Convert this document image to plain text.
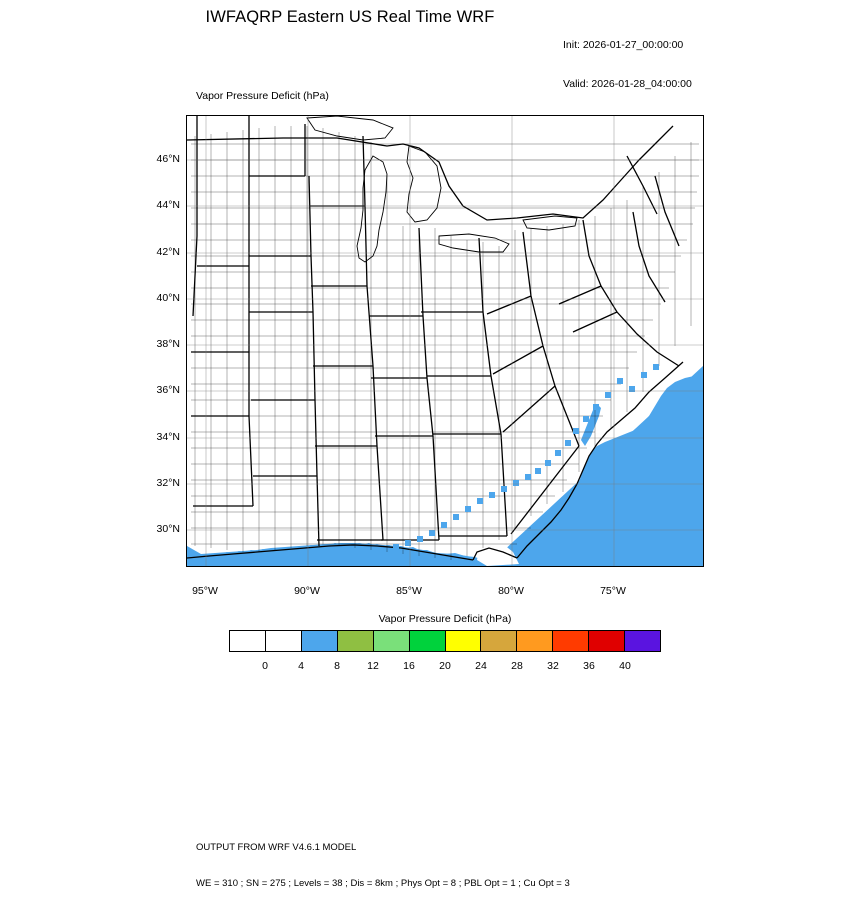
IWFAQRP Eastern US Real Time WRF

Init: 2026-01-27_00:00:00

Valid: 2026-01-28_04:00:00

Vapor Pressure Deficit (hPa)
46°N
44°N
42°N
40°N
38°N
36°N
34°N
32°N
30°N
95°W	90°W	85°W	80°W	75°W
Vapor Pressure Deficit (hPa)
0	4	8	12 16 20 24 28 32 36 40

OUTPUT FROM WRF V4.6.1 MODEL

WE = 310 ; SN = 275 ; Levels = 38 ; Dis = 8km ; Phys Opt = 8 ; PBL Opt = 1 ; Cu Opt = 3
